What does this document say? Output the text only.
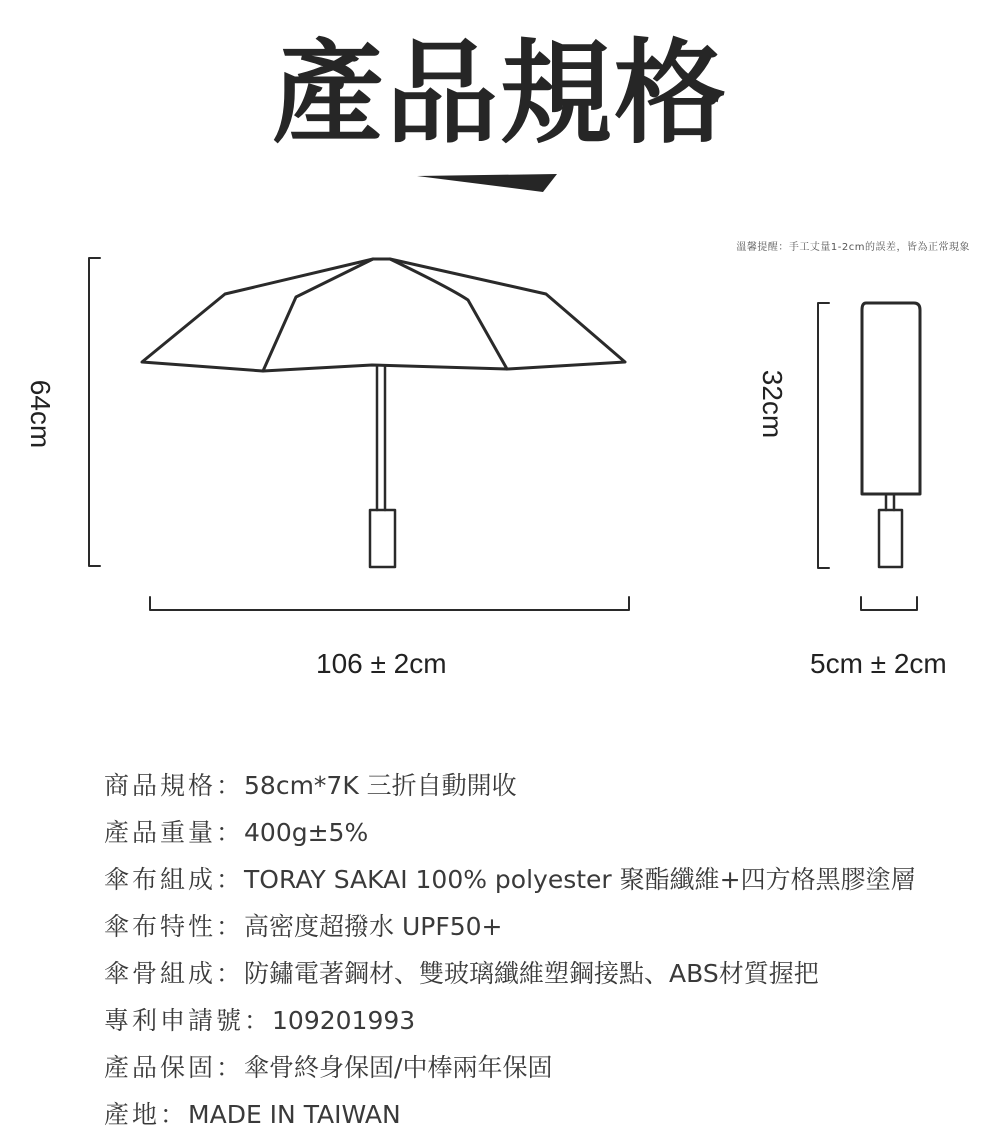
產品規格
溫馨提醒：手工丈量1-2cm的誤差，皆為正常現象
64cm
106 ± 2cm
32cm
5cm ± 2cm
商品規格：58cm*7K 三折自動開收
產品重量：400g±5%
傘布組成：TORAY SAKAI 100% polyester 聚酯纖維+四方格黑膠塗層
傘布特性：高密度超撥水 UPF50+
傘骨組成：防鏽電著鋼材、雙玻璃纖維塑鋼接點、ABS材質握把
專利申請號：109201993
產品保固：傘骨終身保固/中棒兩年保固
產地：MADE IN TAIWAN
